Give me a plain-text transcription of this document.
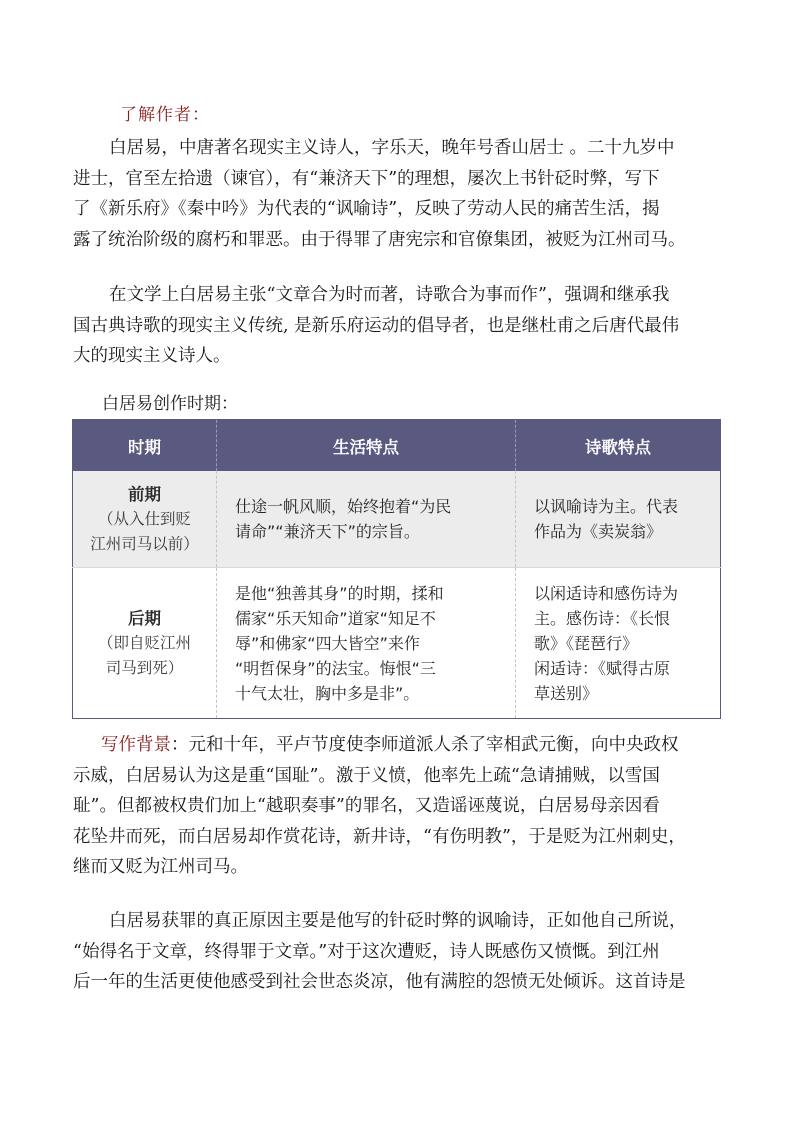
了解作者：
白居易，中唐著名现实主义诗人，字乐天，晚年号香山居士 。二十九岁中
进士，官至左拾遗（谏官），有“兼济天下”的理想，屡次上书针砭时弊，写下
了《新乐府》《秦中吟》为代表的“讽喻诗”，反映了劳动人民的痛苦生活，揭
露了统治阶级的腐朽和罪恶。由于得罪了唐宪宗和官僚集团，被贬为江州司马。
在文学上白居易主张“文章合为时而著，诗歌合为事而作”，强调和继承我
国古典诗歌的现实主义传统, 是新乐府运动的倡导者，也是继杜甫之后唐代最伟
大的现实主义诗人。
白居易创作时期：
时期	生活特点	诗歌特点

前期
（从入仕到贬
江州司马以前）	仕途一帆风顺，始终抱着“为民
请命”“兼济天下”的宗旨。	以讽喻诗为主。代表
作品为《卖炭翁》

后期
（即自贬江州
司马到死）	是他“独善其身”的时期，揉和
儒家“乐天知命”道家“知足不
辱”和佛家“四大皆空”来作
“明哲保身”的法宝。悔恨“三
十气太壮，胸中多是非”。	以闲适诗和感伤诗为
主。感伤诗：《长恨
歌》《琵琶行》
闲适诗：《赋得古原
草送别》
写作背景：元和十年，平卢节度使李师道派人杀了宰相武元衡，向中央政权
示威，白居易认为这是重“国耻”。激于义愤，他率先上疏“急请捕贼，以雪国
耻”。但都被权贵们加上“越职奏事”的罪名，又造谣诬蔑说，白居易母亲因看
花坠井而死，而白居易却作赏花诗，新井诗，“有伤明教”，于是贬为江州刺史，
继而又贬为江州司马。
白居易获罪的真正原因主要是他写的针砭时弊的讽喻诗，正如他自己所说，
“始得名于文章，终得罪于文章。”对于这次遭贬，诗人既感伤又愤慨。到江州
后一年的生活更使他感受到社会世态炎凉，他有满腔的怨愤无处倾诉。这首诗是
